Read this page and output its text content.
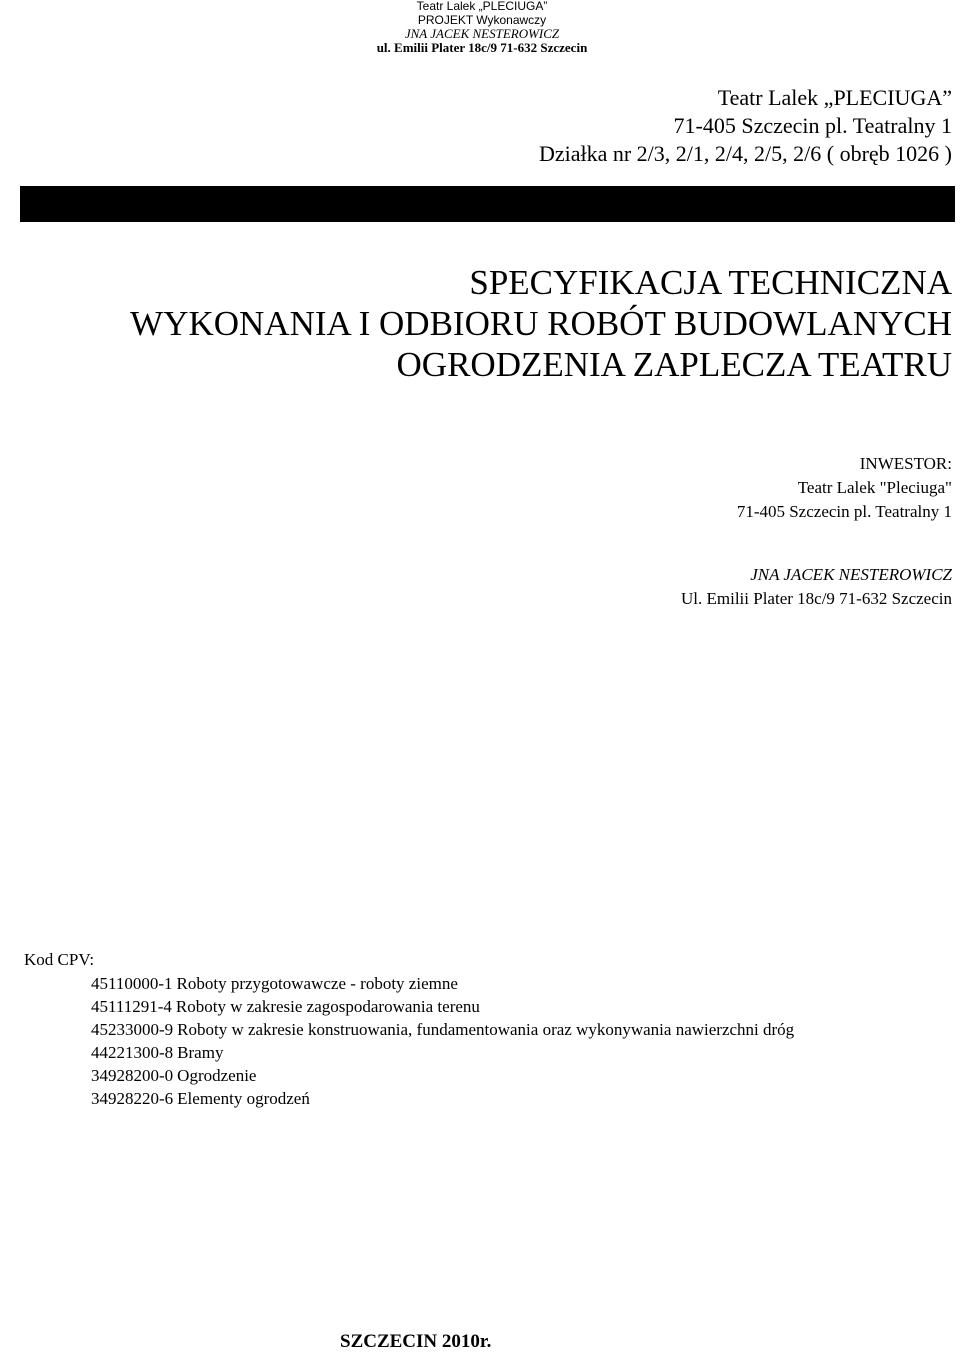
Teatr Lalek „PLECIUGA”
PROJEKT Wykonawczy
JNA JACEK NESTEROWICZ
ul. Emilii Plater 18c/9 71-632 Szczecin
Teatr Lalek „PLECIUGA”
71-405 Szczecin pl. Teatralny 1
Działka nr 2/3, 2/1, 2/4, 2/5, 2/6 ( obręb 1026 )
PROJEKT WYKONAWCZY
SPECYFIKACJA TECHNICZNA
WYKONANIA I ODBIORU ROBÓT BUDOWLANYCH
OGRODZENIA ZAPLECZA TEATRU
INWESTOR:
Teatr Lalek "Pleciuga"
71-405 Szczecin pl. Teatralny 1
JNA JACEK NESTEROWICZ
Ul. Emilii Plater 18c/9 71-632 Szczecin
Kod CPV:
45110000-1 Roboty przygotowawcze - roboty ziemne
45111291-4 Roboty w zakresie zagospodarowania terenu
45233000-9 Roboty w zakresie konstruowania, fundamentowania oraz wykonywania nawierzchni dróg
44221300-8 Bramy
34928200-0 Ogrodzenie
34928220-6 Elementy ogrodzeń
SZCZECIN 2010r.
